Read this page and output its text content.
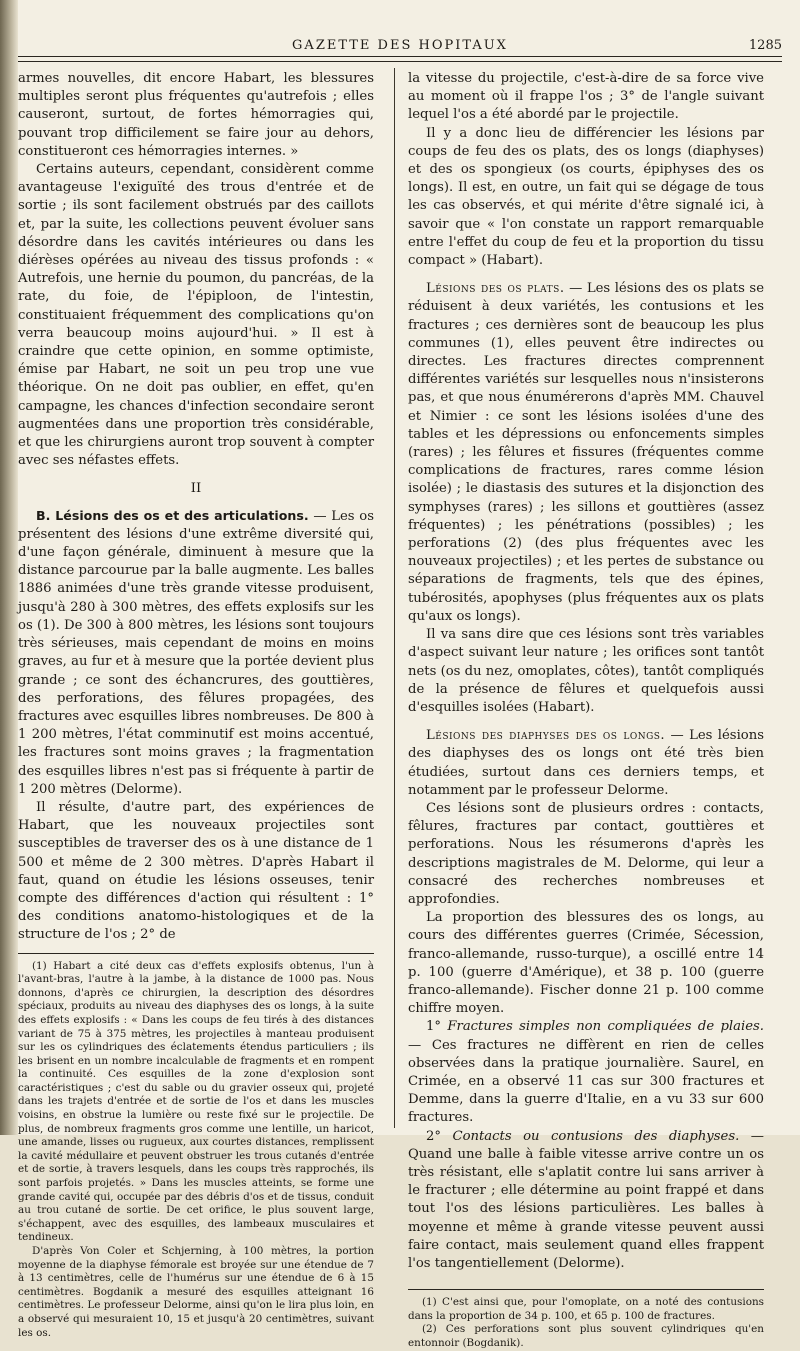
GAZETTE DES HOPITAUX	1285

armes nouvelles, dit encore Habart, les blessures multiples seront plus fréquentes qu'autrefois ; elles causeront, surtout, de fortes hémorragies qui, pouvant trop difficilement se faire jour au dehors, constitueront ces hémorragies internes. »

Certains auteurs, cependant, considèrent comme avantageuse l'exiguïté des trous d'entrée et de sortie ; ils sont facilement obstrués par des caillots et, par la suite, les collections peuvent évoluer sans désordre dans les cavités intérieures ou dans les diérèses opérées au niveau des tissus profonds : « Autrefois, une hernie du poumon, du pancréas, de la rate, du foie, de l'épiploon, de l'intestin, constituaient fréquemment des complications qu'on verra beaucoup moins aujourd'hui. » Il est à craindre que cette opinion, en somme optimiste, émise par Habart, ne soit un peu trop une vue théorique. On ne doit pas oublier, en effet, qu'en campagne, les chances d'infection secondaire seront augmentées dans une proportion très considérable, et que les chirurgiens auront trop souvent à compter avec ses néfastes effets.

II

B. Lésions des os et des articulations. — Les os présentent des lésions d'une extrême diversité qui, d'une façon générale, diminuent à mesure que la distance parcourue par la balle augmente. Les balles 1886 animées d'une très grande vitesse produisent, jusqu'à 280 à 300 mètres, des effets explosifs sur les os (1). De 300 à 800 mètres, les lésions sont toujours très sérieuses, mais cependant de moins en moins graves, au fur et à mesure que la portée devient plus grande ; ce sont des échancrures, des gouttières, des perforations, des fêlures propagées, des fractures avec esquilles libres nombreuses. De 800 à 1 200 mètres, l'état comminutif est moins accentué, les fractures sont moins graves ; la fragmentation des esquilles libres n'est pas si fréquente à partir de 1 200 mètres (Delorme).

Il résulte, d'autre part, des expériences de Habart, que les nouveaux projectiles sont susceptibles de traverser des os à une distance de 1 500 et même de 2 300 mètres. D'après Habart il faut, quand on étudie les lésions osseuses, tenir compte des différences d'action qui résultent : 1° des conditions anatomo-histologiques et de la structure de l'os ; 2° de

(1) Habart a cité deux cas d'effets explosifs obtenus, l'un à l'avant-bras, l'autre à la jambe, à la distance de 1000 pas. Nous donnons, d'après ce chirurgien, la description des désordres spéciaux, produits au niveau des diaphyses des os longs, à la suite des effets explosifs : « Dans les coups de feu tirés à des distances variant de 75 à 375 mètres, les projectiles à manteau produisent sur les os cylindriques des éclatements étendus particuliers ; ils les brisent en un nombre incalculable de fragments et en rompent la continuité. Ces esquilles de la zone d'explosion sont caractéristiques ; c'est du sable ou du gravier osseux qui, projeté dans les trajets d'entrée et de sortie de l'os et dans les muscles voisins, en obstrue la lumière ou reste fixé sur le projectile. De plus, de nombreux fragments gros comme une lentille, un haricot, une amande, lisses ou rugueux, aux courtes distances, remplissent la cavité médullaire et peuvent obstruer les trous cutanés d'entrée et de sortie, à travers lesquels, dans les coups très rapprochés, ils sont parfois projetés. » Dans les muscles atteints, se forme une grande cavité qui, occupée par des débris d'os et de tissus, conduit au trou cutané de sortie. De cet orifice, le plus souvent large, s'échappent, avec des esquilles, des lambeaux musculaires et tendineux.

D'après Von Coler et Schjerning, à 100 mètres, la portion moyenne de la diaphyse fémorale est broyée sur une étendue de 7 à 13 centimètres, celle de l'humérus sur une étendue de 6 à 15 centimètres. Bogdanik a mesuré des esquilles atteignant 16 centimètres. Le professeur Delorme, ainsi qu'on le lira plus loin, en a observé qui mesuraient 10, 15 et jusqu'à 20 centimètres, suivant les os.

la vitesse du projectile, c'est-à-dire de sa force vive au moment où il frappe l'os ; 3° de l'angle suivant lequel l'os a été abordé par le projectile.

Il y a donc lieu de différencier les lésions par coups de feu des os plats, des os longs (diaphyses) et des os spongieux (os courts, épiphyses des os longs). Il est, en outre, un fait qui se dégage de tous les cas observés, et qui mérite d'être signalé ici, à savoir que « l'on constate un rapport remarquable entre l'effet du coup de feu et la proportion du tissu compact » (Habart).

Lésions des os plats. — Les lésions des os plats se réduisent à deux variétés, les contusions et les fractures ; ces dernières sont de beaucoup les plus communes (1), elles peuvent être indirectes ou directes. Les fractures directes comprennent différentes variétés sur lesquelles nous n'insisterons pas, et que nous énumérerons d'après MM. Chauvel et Nimier : ce sont les lésions isolées d'une des tables et les dépressions ou enfoncements simples (rares) ; les fêlures et fissures (fréquentes comme complications de fractures, rares comme lésion isolée) ; le diastasis des sutures et la disjonction des symphyses (rares) ; les sillons et gouttières (assez fréquentes) ; les pénétrations (possibles) ; les perforations (2) (des plus fréquentes avec les nouveaux projectiles) ; et les pertes de substance ou séparations de fragments, tels que des épines, tubérosités, apophyses (plus fréquentes aux os plats qu'aux os longs).

Il va sans dire que ces lésions sont très variables d'aspect suivant leur nature ; les orifices sont tantôt nets (os du nez, omoplates, côtes), tantôt compliqués de la présence de fêlures et quelquefois aussi d'esquilles isolées (Habart).

Lésions des diaphyses des os longs. — Les lésions des diaphyses des os longs ont été très bien étudiées, surtout dans ces derniers temps, et notamment par le professeur Delorme.

Ces lésions sont de plusieurs ordres : contacts, fêlures, fractures par contact, gouttières et perforations. Nous les résumerons d'après les descriptions magistrales de M. Delorme, qui leur a consacré des recherches nombreuses et approfondies.

La proportion des blessures des os longs, au cours des différentes guerres (Crimée, Sécession, franco-allemande, russo-turque), a oscillé entre 14 p. 100 (guerre d'Amérique), et 38 p. 100 (guerre franco-allemande). Fischer donne 21 p. 100 comme chiffre moyen.

1° Fractures simples non compliquées de plaies. — Ces fractures ne diffèrent en rien de celles observées dans la pratique journalière. Saurel, en Crimée, en a observé 11 cas sur 300 fractures et Demme, dans la guerre d'Italie, en a vu 33 sur 600 fractures.

2° Contacts ou contusions des diaphyses. — Quand une balle à faible vitesse arrive contre un os très résistant, elle s'aplatit contre lui sans arriver à le fracturer ; elle détermine au point frappé et dans tout l'os des lésions particulières. Les balles à moyenne et même à grande vitesse peuvent aussi faire contact, mais seulement quand elles frappent l'os tangentiellement (Delorme).

(1) C'est ainsi que, pour l'omoplate, on a noté des contusions dans la proportion de 34 p. 100, et 65 p. 100 de fractures.

(2) Ces perforations sont plus souvent cylindriques qu'en entonnoir (Bogdanik).
